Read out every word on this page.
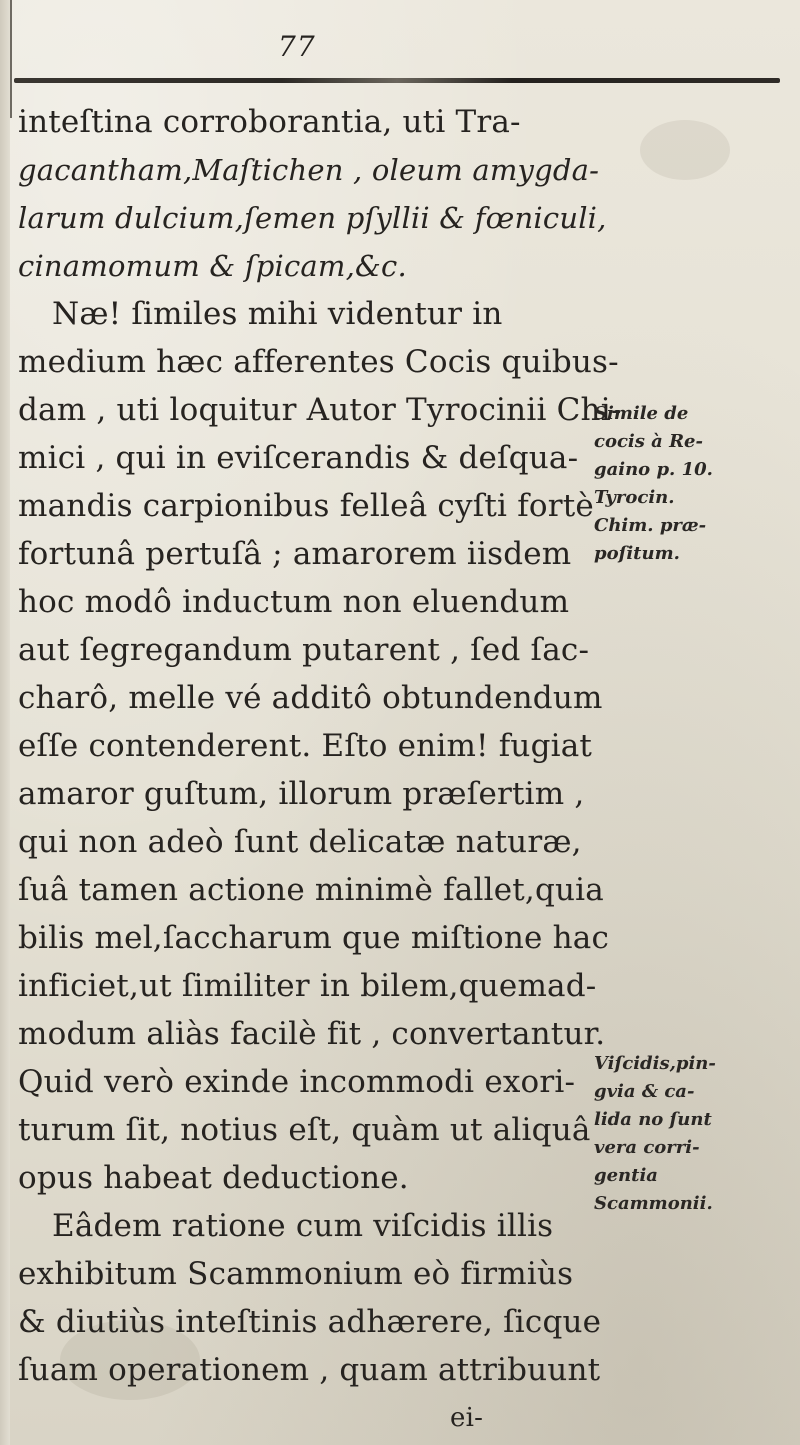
77
inteſtina corroborantia, uti Tra-
gacantham,Maſtichen , oleum amygda-
larum dulcium,ſemen pſyllii & fœniculi,
cinamomum & ſpicam,&c.
Næ! ſimiles mihi videntur in
medium hæc afferentes Cocis quibus-
dam , uti loquitur Autor Tyrocinii Chi-
mici , qui in eviſcerandis & deſqua-
mandis carpionibus felleâ cyſti fortè
fortunâ pertuſâ ; amarorem iisdem
hoc modô inductum non eluendum
aut ſegregandum putarent , ſed ſac-
charô, melle vé additô obtundendum
eſſe contenderent. Eſto enim! fugiat
amaror guſtum, illorum præſertim ,
qui non adeò ſunt delicatæ naturæ,
ſuâ tamen actione minimè fallet,quia
bilis mel,ſaccharum que miſtione hac
inficiet,ut ſimiliter in bilem,quemad-
modum aliàs facilè fit , convertantur.
Quid verò exinde incommodi exori-
turum ſit, notius eſt, quàm ut aliquâ
opus habeat deductione.
Eâdem ratione cum viſcidis illis
exhibitum Scammonium eò firmiùs
& diutiùs inteſtinis adhærere, ſicque
ſuam operationem , quam attribuunt
ei-
Simile de
cocis à Re-
gaino p. 10.
Tyrocin.
Chim. præ-
poſitum.
Viſcidis,pin-
gvia & ca-
lida no ſunt
vera corri-
gentia
Scammonii.
